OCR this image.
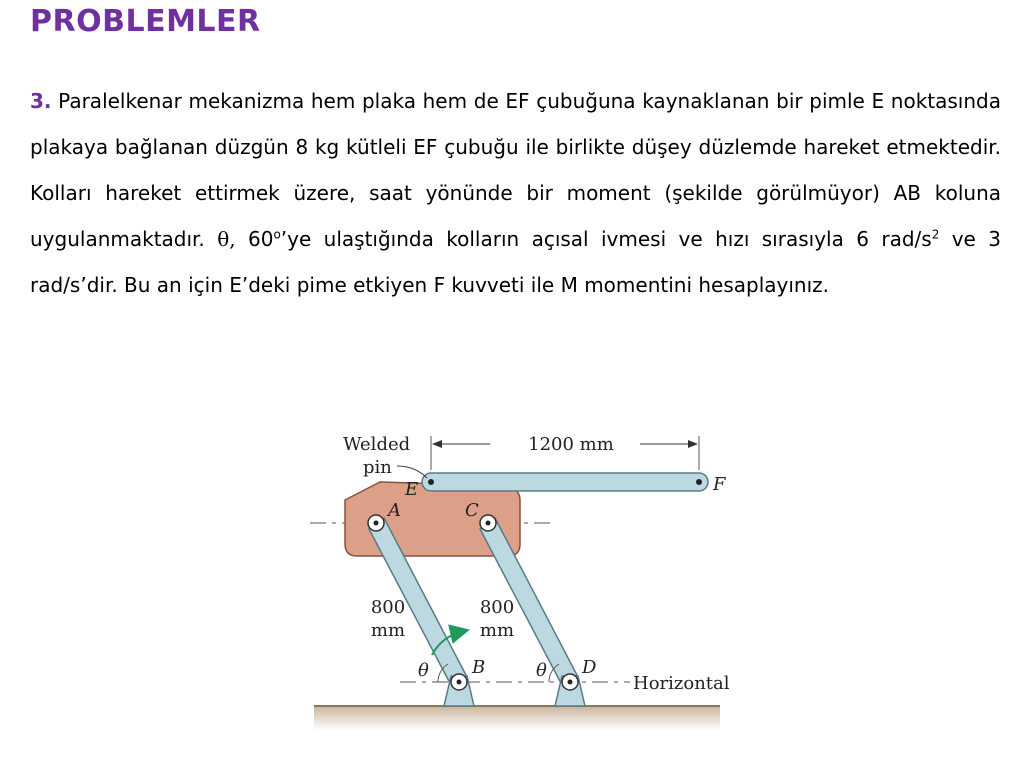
PROBLEMLER
3. Paralelkenar mekanizma hem plaka hem de EF çubuğuna kaynaklanan bir pimle E noktasında plakaya bağlanan düzgün 8 kg kütleli EF çubuğu ile birlikte düşey düzlemde hareket etmektedir. Kolları hareket ettirmek üzere, saat yönünde bir moment (şekilde görülmüyor) AB koluna uygulanmaktadır. θ, 60$^o$’ye ulaştığında kolların açısal ivmesi ve hızı sırasıyla 6 rad/$s^2$ ve 3 rad/s’dir. Bu an için E’deki pime etkiyen F kuvveti ile M momentini hesaplayınız.
1200 mm
Welded
pin
E	F
A	C
B	D
800
mm
800
mm
θ	θ
Horizontal
